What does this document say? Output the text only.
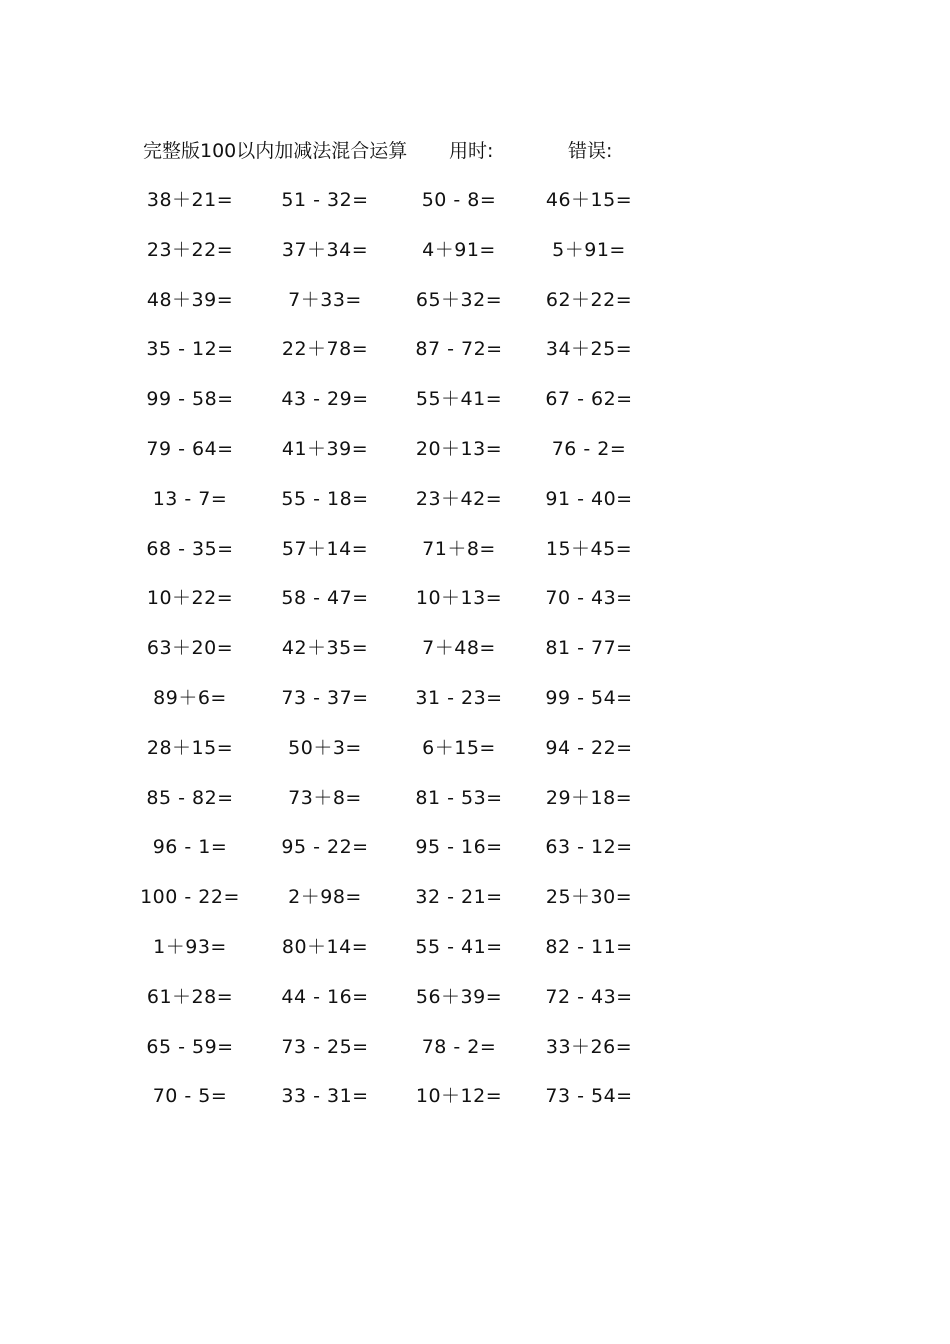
完整版100以内加减法混合运算 用时:	错误:
38＋21=	51 - 32=	50 - 8=	46＋15=
23＋22=	37＋34=	4＋91=	5＋91=
48＋39=	7＋33=	65＋32=	62＋22=
35 - 12=	22＋78=	87 - 72=	34＋25=
99 - 58=	43 - 29=	55＋41=	67 - 62=
79 - 64=	41＋39=	20＋13=	76 - 2=
13 - 7=	55 - 18=	23＋42=	91 - 40=
68 - 35=	57＋14=	71＋8=	15＋45=
10＋22=	58 - 47=	10＋13=	70 - 43=
63＋20=	42＋35=	7＋48=	81 - 77=
89＋6=	73 - 37=	31 - 23=	99 - 54=
28＋15=	50＋3=	6＋15=	94 - 22=
85 - 82=	73＋8=	81 - 53=	29＋18=
96 - 1=	95 - 22=	95 - 16=	63 - 12=
100 - 22=	2＋98=	32 - 21=	25＋30=
1＋93=	80＋14=	55 - 41=	82 - 11=
61＋28=	44 - 16=	56＋39=	72 - 43=
65 - 59=	73 - 25=	78 - 2=	33＋26=
70 - 5=	33 - 31=	10＋12=	73 - 54=
